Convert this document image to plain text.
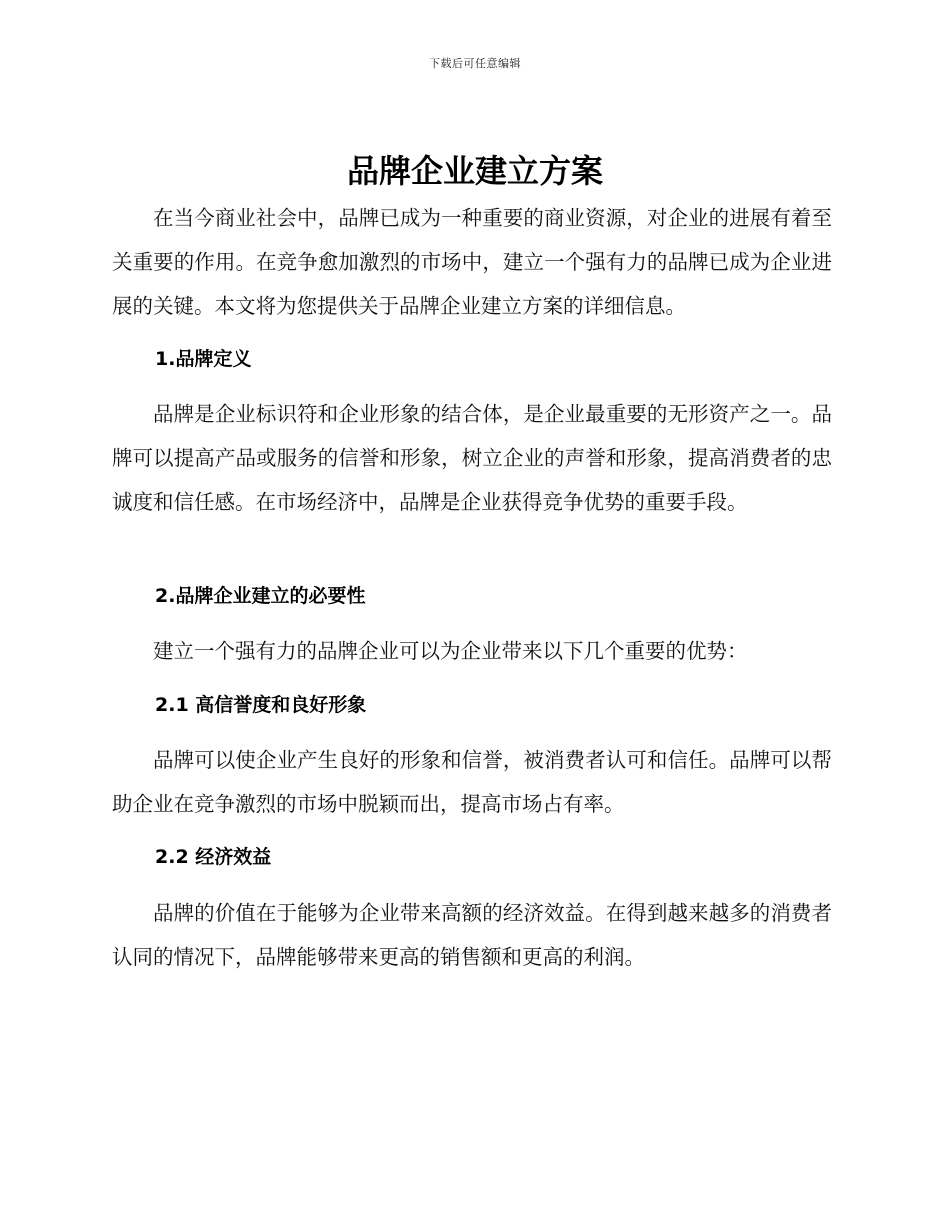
下载后可任意编辑
品牌企业建立方案

在当今商业社会中，品牌已成为一种重要的商业资源，对企业的进展有着至关重要的作用。在竞争愈加激烈的市场中，建立一个强有力的品牌已成为企业进展的关键。本文将为您提供关于品牌企业建立方案的详细信息。

1.品牌定义

品牌是企业标识符和企业形象的结合体，是企业最重要的无形资产之一。品牌可以提高产品或服务的信誉和形象，树立企业的声誉和形象，提高消费者的忠诚度和信任感。在市场经济中，品牌是企业获得竞争优势的重要手段。

2.品牌企业建立的必要性

建立一个强有力的品牌企业可以为企业带来以下几个重要的优势：

2.1 高信誉度和良好形象

品牌可以使企业产生良好的形象和信誉，被消费者认可和信任。品牌可以帮助企业在竞争激烈的市场中脱颖而出，提高市场占有率。

2.2 经济效益

品牌的价值在于能够为企业带来高额的经济效益。在得到越来越多的消费者认同的情况下，品牌能够带来更高的销售额和更高的利润。
